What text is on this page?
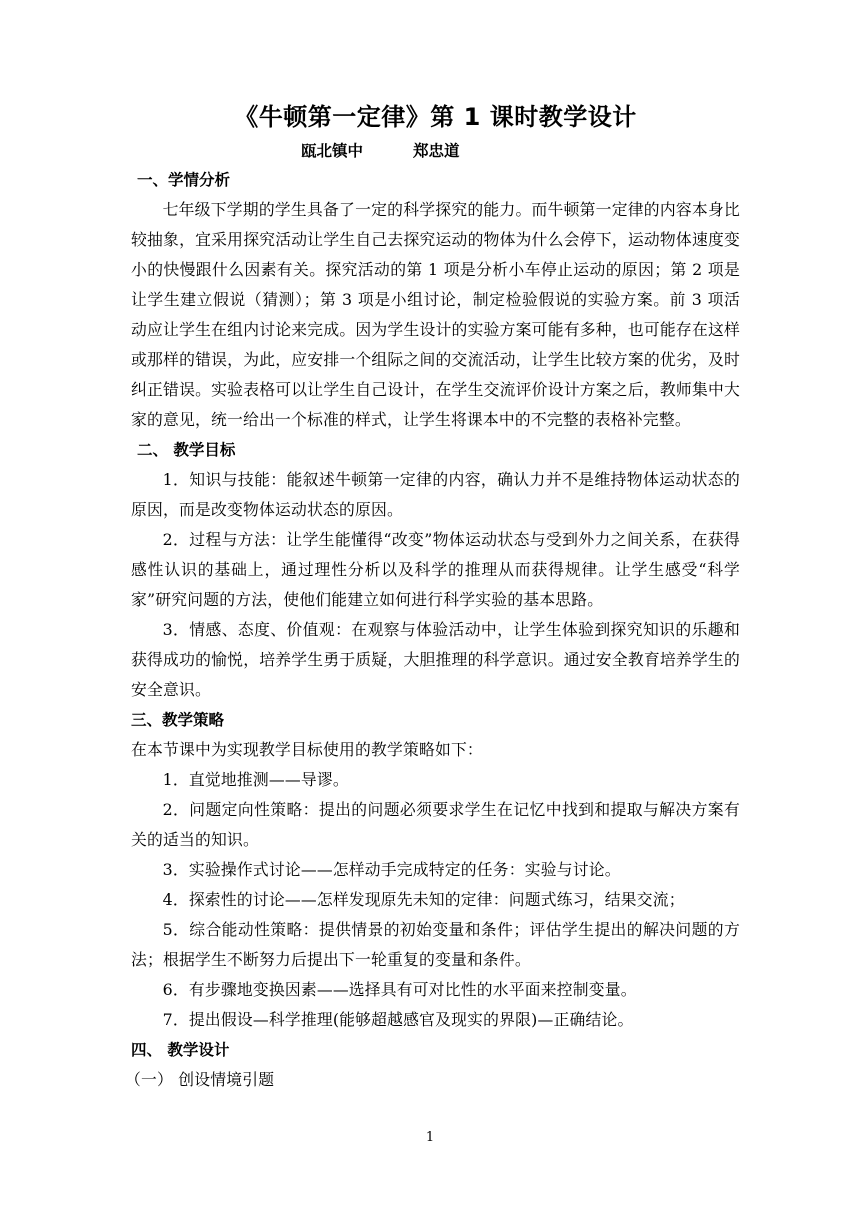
《牛顿第一定律》第 1 课时教学设计
瓯北镇中	郑忠道
一、学情分析

七年级下学期的学生具备了一定的科学探究的能力。而牛顿第一定律的内容本身比较抽象，宜采用探究活动让学生自己去探究运动的物体为什么会停下，运动物体速度变小的快慢跟什么因素有关。探究活动的第 1 项是分析小车停止运动的原因；第 2 项是让学生建立假说（猜测）；第 3 项是小组讨论，制定检验假说的实验方案。前 3 项活动应让学生在组内讨论来完成。因为学生设计的实验方案可能有多种，也可能存在这样或那样的错误，为此，应安排一个组际之间的交流活动，让学生比较方案的优劣，及时纠正错误。实验表格可以让学生自己设计，在学生交流评价设计方案之后，教师集中大家的意见，统一给出一个标准的样式，让学生将课本中的不完整的表格补完整。

二、 教学目标

1．知识与技能：能叙述牛顿第一定律的内容，确认力并不是维持物体运动状态的原因，而是改变物体运动状态的原因。

2．过程与方法：让学生能懂得“改变”物体运动状态与受到外力之间关系，在获得感性认识的基础上，通过理性分析以及科学的推理从而获得规律。让学生感受“科学家”研究问题的方法，使他们能建立如何进行科学实验的基本思路。

3．情感、态度、价值观：在观察与体验活动中，让学生体验到探究知识的乐趣和获得成功的愉悦，培养学生勇于质疑，大胆推理的科学意识。通过安全教育培养学生的安全意识。

三、教学策略

在本节课中为实现教学目标使用的教学策略如下：

1．直觉地推测——导谬。

2．问题定向性策略：提出的问题必须要求学生在记忆中找到和提取与解决方案有关的适当的知识。

3．实验操作式讨论——怎样动手完成特定的任务：实验与讨论。

4．探索性的讨论——怎样发现原先未知的定律：问题式练习，结果交流；

5．综合能动性策略：提供情景的初始变量和条件；评估学生提出的解决问题的方法；根据学生不断努力后提出下一轮重复的变量和条件。

6．有步骤地变换因素——选择具有可对比性的水平面来控制变量。

7．提出假设—科学推理(能够超越感官及现实的界限)—正确结论。

四、 教学设计

（一） 创设情境引题

1
